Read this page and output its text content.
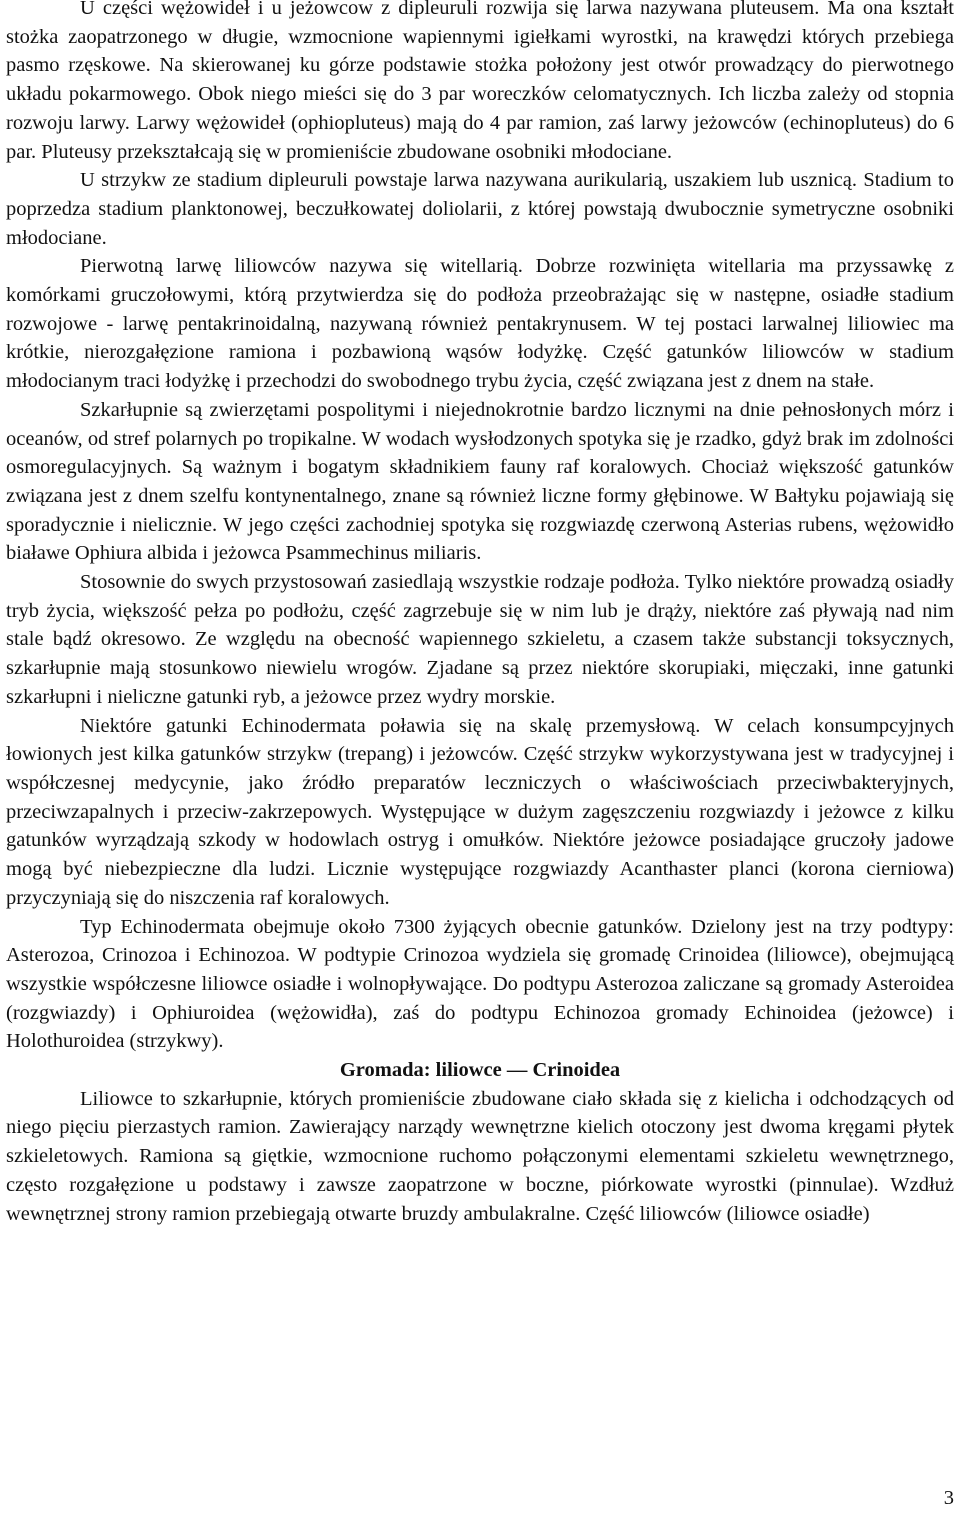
U części wężowideł i u jeżowcow z dipleuruli rozwija się larwa nazywana pluteusem. Ma ona kształt stożka zaopatrzonego w długie, wzmocnione wapiennymi igiełkami wyrostki, na krawędzi których przebiega pasmo rzęskowe. Na skierowanej ku górze podstawie stożka położony jest otwór prowadzący do pierwotnego układu pokarmowego. Obok niego mieści się do 3 par woreczków celomatycznych. Ich liczba zależy od stopnia rozwoju larwy. Larwy wężowideł (ophiopluteus) mają do 4 par ramion, zaś larwy jeżowców (echinopluteus) do 6 par. Pluteusy przekształcają się w promieniście zbudowane osobniki młodociane.

U strzykw ze stadium dipleuruli powstaje larwa nazywana aurikularią, uszakiem lub usznicą. Stadium to poprzedza stadium planktonowej, beczułkowatej doliolarii, z której powstają dwubocznie symetryczne osobniki młodociane.

Pierwotną larwę liliowców nazywa się witellarią. Dobrze rozwinięta witellaria ma przyssawkę z komórkami gruczołowymi, którą przytwierdza się do podłoża przeobrażając się w następne, osiadłe stadium rozwojowe - larwę pentakrinoidalną, nazywaną również pentakrynusem. W tej postaci larwalnej liliowiec ma krótkie, nierozgałęzione ramiona i pozbawioną wąsów łodyżkę. Część gatunków liliowców w stadium młodocianym traci łodyżkę i przechodzi do swobodnego trybu życia, część związana jest z dnem na stałe.

Szkarłupnie są zwierzętami pospolitymi i niejednokrotnie bardzo licznymi na dnie pełnosłonych mórz i oceanów, od stref polarnych po tropikalne. W wodach wysłodzonych spotyka się je rzadko, gdyż brak im zdolności osmoregulacyjnych. Są ważnym i bogatym składnikiem fauny raf koralowych. Chociaż większość gatunków związana jest z dnem szelfu kontynentalnego, znane są również liczne formy głębinowe. W Bałtyku pojawiają się sporadycznie i nielicznie. W jego części zachodniej spotyka się rozgwiazdę czerwoną Asterias rubens, wężowidło białawe Ophiura albida i jeżowca Psammechinus miliaris.

Stosownie do swych przystosowań zasiedlają wszystkie rodzaje podłoża. Tylko niektóre prowadzą osiadły tryb życia, większość pełza po podłożu, część zagrzebuje się w nim lub je drąży, niektóre zaś pływają nad nim stale bądź okresowo. Ze względu na obecność wapiennego szkieletu, a czasem także substancji toksycznych, szkarłupnie mają stosunkowo niewielu wrogów. Zjadane są przez niektóre skorupiaki, mięczaki, inne gatunki szkarłupni i nieliczne gatunki ryb, a jeżowce przez wydry morskie.

Niektóre gatunki Echinodermata poławia się na skalę przemysłową. W celach konsumpcyjnych łowionych jest kilka gatunków strzykw (trepang) i jeżowców. Część strzykw wykorzystywana jest w tradycyjnej i współczesnej medycynie, jako źródło preparatów leczniczych o właściwościach przeciwbakteryjnych, przeciwzapalnych i przeciw-zakrzepowych. Występujące w dużym zagęszczeniu rozgwiazdy i jeżowce z kilku gatunków wyrządzają szkody w hodowlach ostryg i omułków. Niektóre jeżowce posiadające gruczoły jadowe mogą być niebezpieczne dla ludzi. Licznie występujące rozgwiazdy Acanthaster planci (korona cierniowa) przyczyniają się do niszczenia raf koralowych.

Typ Echinodermata obejmuje około 7300 żyjących obecnie gatunków. Dzielony jest na trzy podtypy: Asterozoa, Crinozoa i Echinozoa. W podtypie Crinozoa wydziela się gromadę Crinoidea (liliowce), obejmującą wszystkie współczesne liliowce osiadłe i wolnopływające. Do podtypu Asterozoa zaliczane są gromady Asteroidea (rozgwiazdy) i Ophiuroidea (wężowidła), zaś do podtypu Echinozoa gromady Echinoidea (jeżowce) i Holothuroidea (strzykwy).

Gromada: liliowce — Crinoidea

Liliowce to szkarłupnie, których promieniście zbudowane ciało składa się z kielicha i odchodzących od niego pięciu pierzastych ramion. Zawierający narządy wewnętrzne kielich otoczony jest dwoma kręgami płytek szkieletowych. Ramiona są giętkie, wzmocnione ruchomo połączonymi elementami szkieletu wewnętrznego, często rozgałęzione u podstawy i zawsze zaopatrzone w boczne, piórkowate wyrostki (pinnulae). Wzdłuż wewnętrznej strony ramion przebiegają otwarte bruzdy ambulakralne. Część liliowców (liliowce osiadłe)

3
